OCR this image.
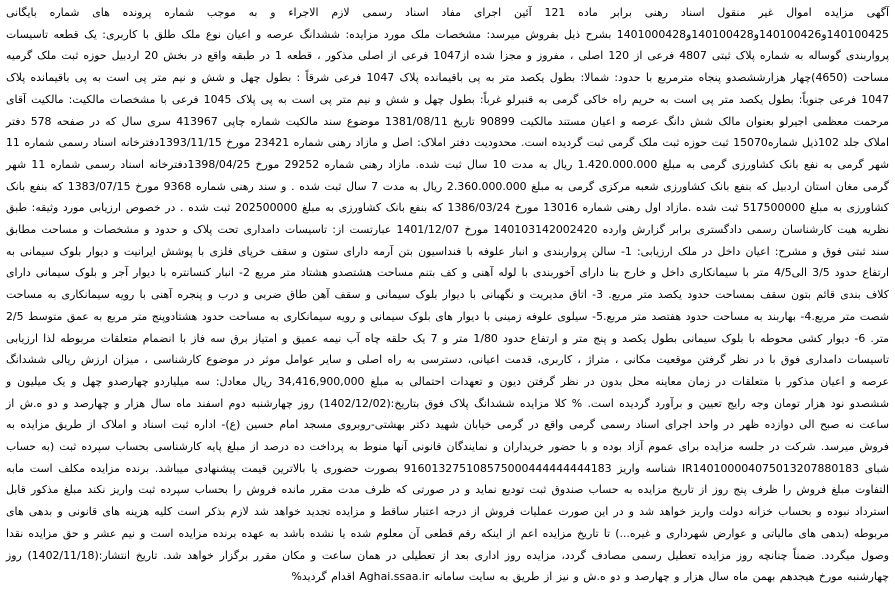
آگهی مزایده اموال غیر منقول اسناد رهنی برابر ماده 121 آئین اجرای مفاد اسناد رسمی لازم الاجراء و به موجب شماره پرونده های شماره بایگانی 140100425و140100426و140100428و1401000428 بشرح ذیل بفروش میرسد: مشخصات ملک مورد مزایده: ششدانگ عرصه و اعیان نوع ملک طلق با کاربری: یک قطعه تاسیسات پرواربندی گوساله به شماره پلاک ثبتی 4807 فرعی از 120 اصلی ، مفروز و مجزا شده از1047 فرعی از اصلی مذکور ، قطعه 1 در طبقه واقع در بخش 20 اردبیل حوزه ثبت ملک گرمیه مساحت (4650)چهار هزارششصدو پنجاه مترمربع با حدود: شمالا: بطول یکصد متر به پی باقیمانده پلاک 1047 فرعی شرقاً : بطول چهل و شش و نیم متر پی است به پی باقیمانده پلاک 1047 فرعی جنوباً: بطول یکصد متر پی است به حریم راه خاکی گرمی به قنبرلو غرباً: بطول چهل و شش و نیم متر پی است به پی پلاک 1045 فرعی با مشخصات مالکیت: مالکیت آقای مرحمت معظمی اجیرلو بعنوان مالک شش دانگ عرصه و اعیان مستند مالکیت 90899 تاریخ 1381/08/11 موضوع سند مالکیت شماره چاپی 413967 سری سال که در صفحه 578 دفتر املاک جلد 102ذیل شماره15070 ثبت حوزه ثبت ملک گرمی ثبت گردیده است. محدودیت دفتر املاک: اصل و مازاد رهنی شماره 23421 مورخ 1393/11/15دفترخانه اسناد رسمی شماره 11 شهر گرمی به نفع بانک کشاورزی گرمی به مبلغ 1.420.000.000 ریال به مدت 10 سال ثبت شده. مازاد رهنی شماره 29252 مورخ 1398/04/25دفترخانه اسناد رسمی شماره 11 شهر گرمی مغان استان اردبیل که بنفع بانک کشاورزی شعبه مرکزی گرمی به مبلغ 2.360.000.000 ریال به مدت 7 سال ثبت شده . و سند رهنی شماره 9368 مورخ 1383/07/15 که بنفع بانک کشاورزی به مبلغ 517500000 ثبت شده .مازاد اول رهنی شماره 13016 مورخ 1386/03/24 که بنفع بانک کشاورزی به مبلغ 202500000 ثبت شده . در خصوص ارزیابی مورد وثیقه: طبق نظریه هیت کارشناسان رسمی دادگستری برابر گزارش وارده 140103142002420 مورخ 1401/12/07 عبارتست از: تاسیسات دامداری تحت پلاک و حدود و مشخصات و مساحت مطابق سند ثبتی فوق و مشرح: اعیان داخل در ملک ارزیابی: 1- سالن پرواربندی و انبار علوفه با فنداسیون بتن آرمه دارای ستون و سقف خرپای فلزی با پوشش ایرانیت و دیوار بلوک سیمانی به ارتفاع حدود 3/5 الی4/5 متر با سیمانکاری داخل و خارج بنا دارای آخوربندی با لوله آهنی و کف بتنم مساحت هشتصدو هشتاد متر مربع 2- انبار کنسانتره با دیوار آجر و بلوک سیمانی دارای کلاف بندی قائم بتون سقف بمساحت حدود یکصد متر مربع. 3- اتاق مدیریت و نگهبانی با دیوار بلوک سیمانی و سقف آهن طاق ضربی و درب و پنجره آهنی با رویه سیمانکاری به مساحت شصت متر مربع.4- بهاربند به مساحت حدود هفتصد متر مربع.5- سیلوی علوفه زمینی با دیوار های بلوک سیمانی و رویه سیمانکاری به مساحت حدود هشتادوپنج متر مربع به عمق متوسط 2/5 متر. 6- دیوار کشی محوطه با بلوک سیمانی بطول یکصد و پنج متر و ارتفاع حدود 1/80 متر و 7 یک حلقه چاه آب نیمه عمیق و امتیاز برق سه فاز با انضمام متعلقات مربوطه لذا ارزیابی تاسیسات دامداری فوق با در نظر گرفتن موقعیت مکانی ، متراژ ، کاربری، قدمت اعیانی، دسترسی به راه اصلی و سایر عوامل موثر در موضوع کارشناسی ، میزان ارزش ریالی ششدانگ عرصه و اعیان مذکور با متعلقات در زمان معاینه محل بدون در نظر گرفتن دیون و تعهدات احتمالی به مبلغ 34,416,900,000 ریال معادل: سه میلیاردو چهارصدو چهل و یک میلیون و ششصدو نود هزار تومان وجه رایج تعیین و برآورد گردیده است. % کلا مزایده ششدانگ پلاک فوق بتاریخ:(1402/12/02) روز چهارشنبه دوم اسفند ماه سال هزار و چهارصد و دو ه.ش از ساعت نه صبح الی دوازده ظهر در واحد اجرای اسناد رسمی گرمی واقع در گرمی خیابان شهید دکتر بهشتی-روبروی مسجد امام حسین (ع)- اداره ثبت اسناد و املاک از طریق مزایده به فروش میرسد. شرکت در جلسه مزایده برای عموم آزاد بوده و با حضور خریداران و نمایندگان قانونی آنها منوط به پرداخت ده درصد از مبلغ پایه کارشناسی بحساب سپرده ثبت (به حساب شبای IR140100004075013207880183 شناسه واریز 916013275108575000444444444183 بصورت حضوری یا بالاترین قیمت پیشنهادی میباشد. برنده مزایده مکلف است مابه التفاوت مبلغ فروش را ظرف پنج روز از تاریخ مزایده به حساب صندوق ثبت تودیع نماید و در صورتی که ظرف مدت مقرر مانده فروش را بحساب سپرده ثبت واریز نکند مبلغ مذکور قابل استرداد نبوده و بحساب خزانه دولت واریز خواهد شد و در این صورت عملیات فروش از درجه اعتبار ساقط و مزایده تجدید خواهد شد لازم بذکر است کلیه هزینه های قانونی و بدهی های مربوطه (بدهی های مالیاتی و عوارض شهرداری و غیره...) تا تاریخ مزایده اعم از اینکه رقم قطعی آن معلوم شده یا نشده باشد به عهده برنده مزایده است و نیم عشر و حق مزایده نقدا وصول میگردد. ضمناً چنانچه روز مزایده تعطیل رسمی مصادف گردد، مزایده روز اداری بعد از تعطیلی در همان ساعت و مکان مقرر برگزار خواهد شد. تاریخ انتشار:(1402/11/18) روز چهارشنبه مورخ هیجدهم بهمن ماه سال هزار و چهارصد و دو ه.ش و نیز از طریق به سایت سامانه Aghai.ssaa.ir اقدام گردید%
